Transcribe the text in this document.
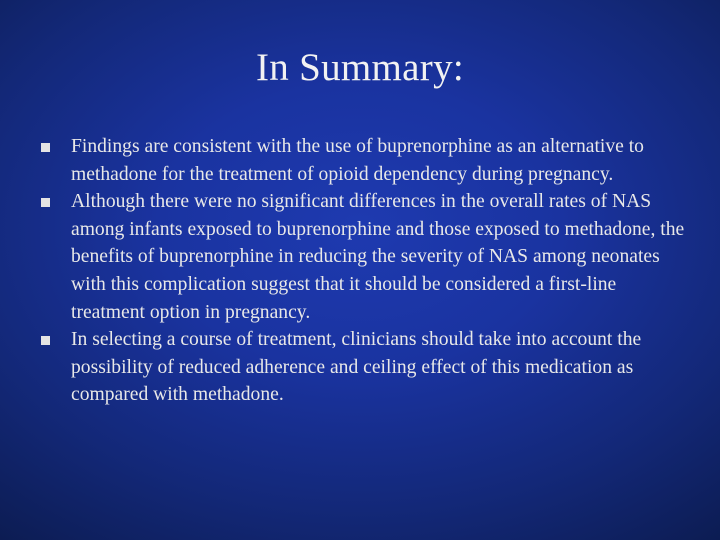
In Summary:
Findings are consistent with the use of buprenorphine as an alternative to methadone for the treatment of opioid dependency during pregnancy.
Although there were no significant differences in the overall rates of NAS among infants exposed to buprenorphine and those exposed to methadone, the benefits of buprenorphine in reducing the severity of NAS among neonates with this complication suggest that it should be considered a first-line treatment option in pregnancy.
In selecting a course of treatment, clinicians should take into account the possibility of reduced adherence and ceiling effect of this medication as compared with methadone.
